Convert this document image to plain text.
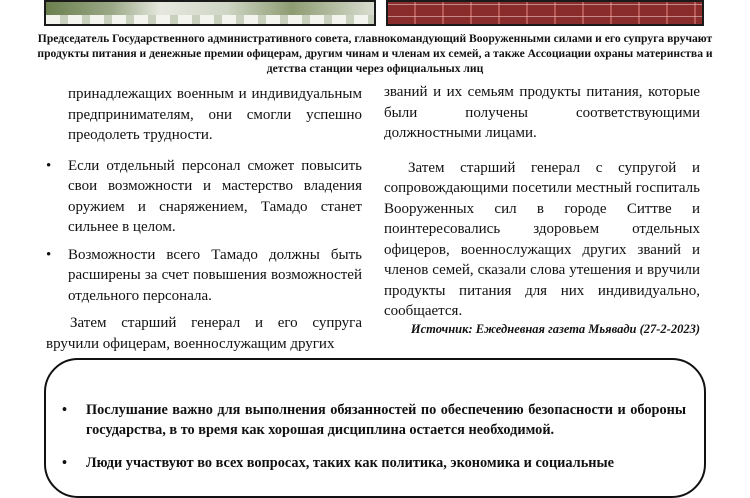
Председатель Государственного административного совета, главнокомандующий Вооруженными силами и его супруга вручают продукты питания и денежные премии офицерам, другим чинам и членам их семей, а также Ассоциации охраны материнства и детства станции через официальных лиц

принадлежащих военным и индивидуальным предпринимателям, они смогли успешно преодолеть трудности.

• Если отдельный персонал сможет повысить свои возможности и мастерство владения оружием и снаряжением, Тамадо станет сильнее в целом.
• Возможности всего Тамадо должны быть расширены за счет повышения возможностей отдельного персонала.

Затем старший генерал и его супруга вручили офицерам, военнослужащим других

званий и их семьям продукты питания, которые были получены соответствующими должностными лицами.

Затем старший генерал с супругой и сопровождающими посетили местный госпиталь Вооруженных сил в городе Ситтве и поинтересовались здоровьем отдельных офицеров, военнослужащих других званий и членов семей, сказали слова утешения и вручили продукты питания для них индивидуально, сообщается.

Источник: Ежедневная газета Мьявади (27-2-2023)
• Послушание важно для выполнения обязанностей по обеспечению безопасности и обороны государства, в то время как хорошая дисциплина остается необходимой.
• Люди участвуют во всех вопросах, таких как политика, экономика и социальные
